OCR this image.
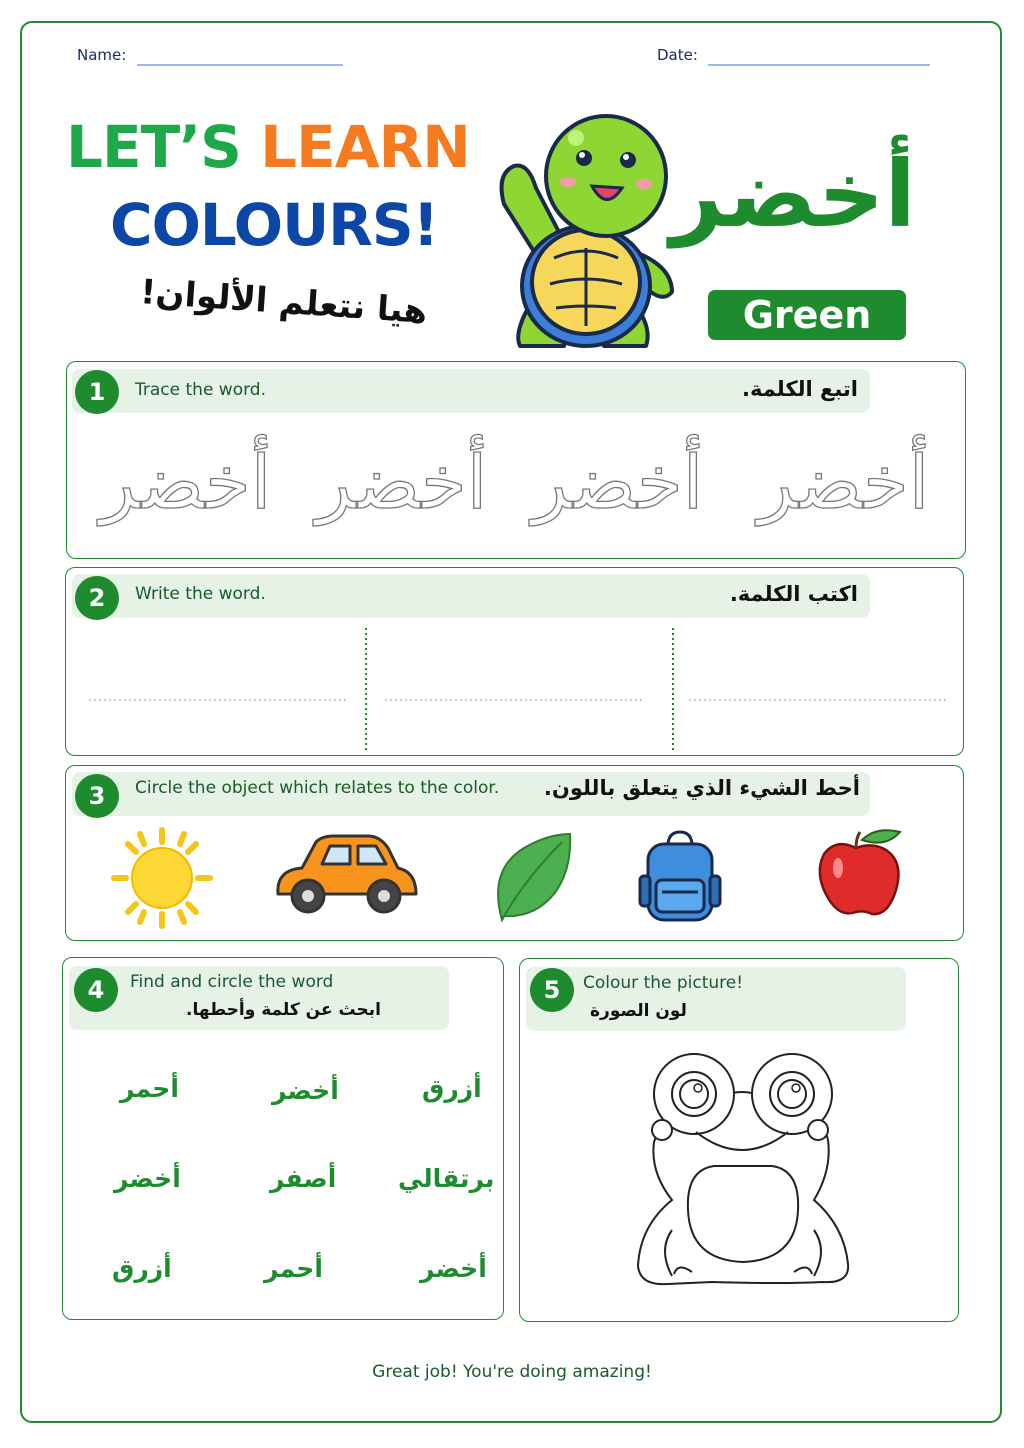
Name:	Date:
LET’S LEARN
COLOURS!
هيا نتعلم الألوان!
أخضر
Green
1	Trace the word.	اتبع الكلمة.
أخضر أخضر أخضر أخضر
2	Write the word.	اكتب الكلمة.
3	Circle the object which relates to the color. أحط الشيء الذي يتعلق باللون.
4	Find and circle the word
ابحث عن كلمة وأحطها.
أحمر	أخضر	أزرق
أخضر	أصفر برتقالي
أزرق	أحمر	أخضر
5	Colour the picture!
لون الصورة
Great job! You're doing amazing!
